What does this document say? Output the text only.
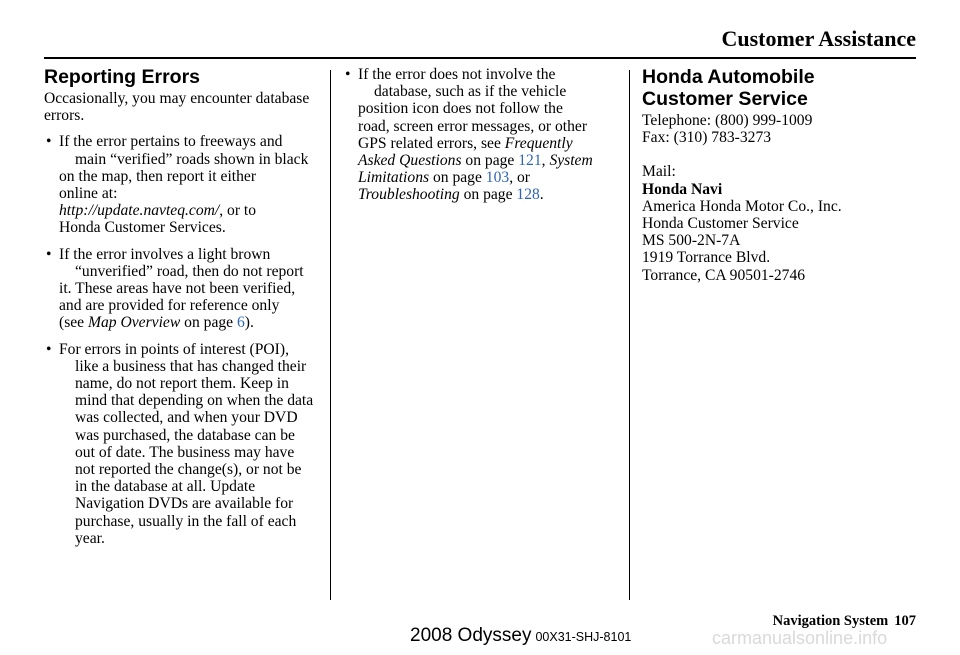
Customer Assistance
Reporting Errors

Occasionally, you may encounter database errors.

• If the error pertains to freeways and
main “verified” roads shown in black
on the map, then report it either
online at:
http://update.navteq.com/, or to
Honda Customer Services.
• If the error involves a light brown
“unverified” road, then do not report
it. These areas have not been verified,
and are provided for reference only
(see Map Overview on page 6).
• For errors in points of interest (POI),
like a business that has changed their
name, do not report them. Keep in
mind that depending on when the data
was collected, and when your DVD
was purchased, the database can be
out of date. The business may have
not reported the change(s), or not be
in the database at all. Update
Navigation DVDs are available for
purchase, usually in the fall of each
year.
• If the error does not involve the
database, such as if the vehicle
position icon does not follow the
road, screen error messages, or other
GPS related errors, see Frequently
Asked Questions on page 121, System
Limitations on page 103, or
Troubleshooting on page 128.
Honda Automobile
Customer Service
Telephone: (800) 999-1009
Fax: (310) 783-3273
Mail:
Honda Navi
America Honda Motor Co., Inc.
Honda Customer Service
MS 500-2N-7A
1919 Torrance Blvd.
Torrance, CA 90501-2746
Navigation System 107
2008 Odyssey 00X31-SHJ-8101	carmanualsonline.info
